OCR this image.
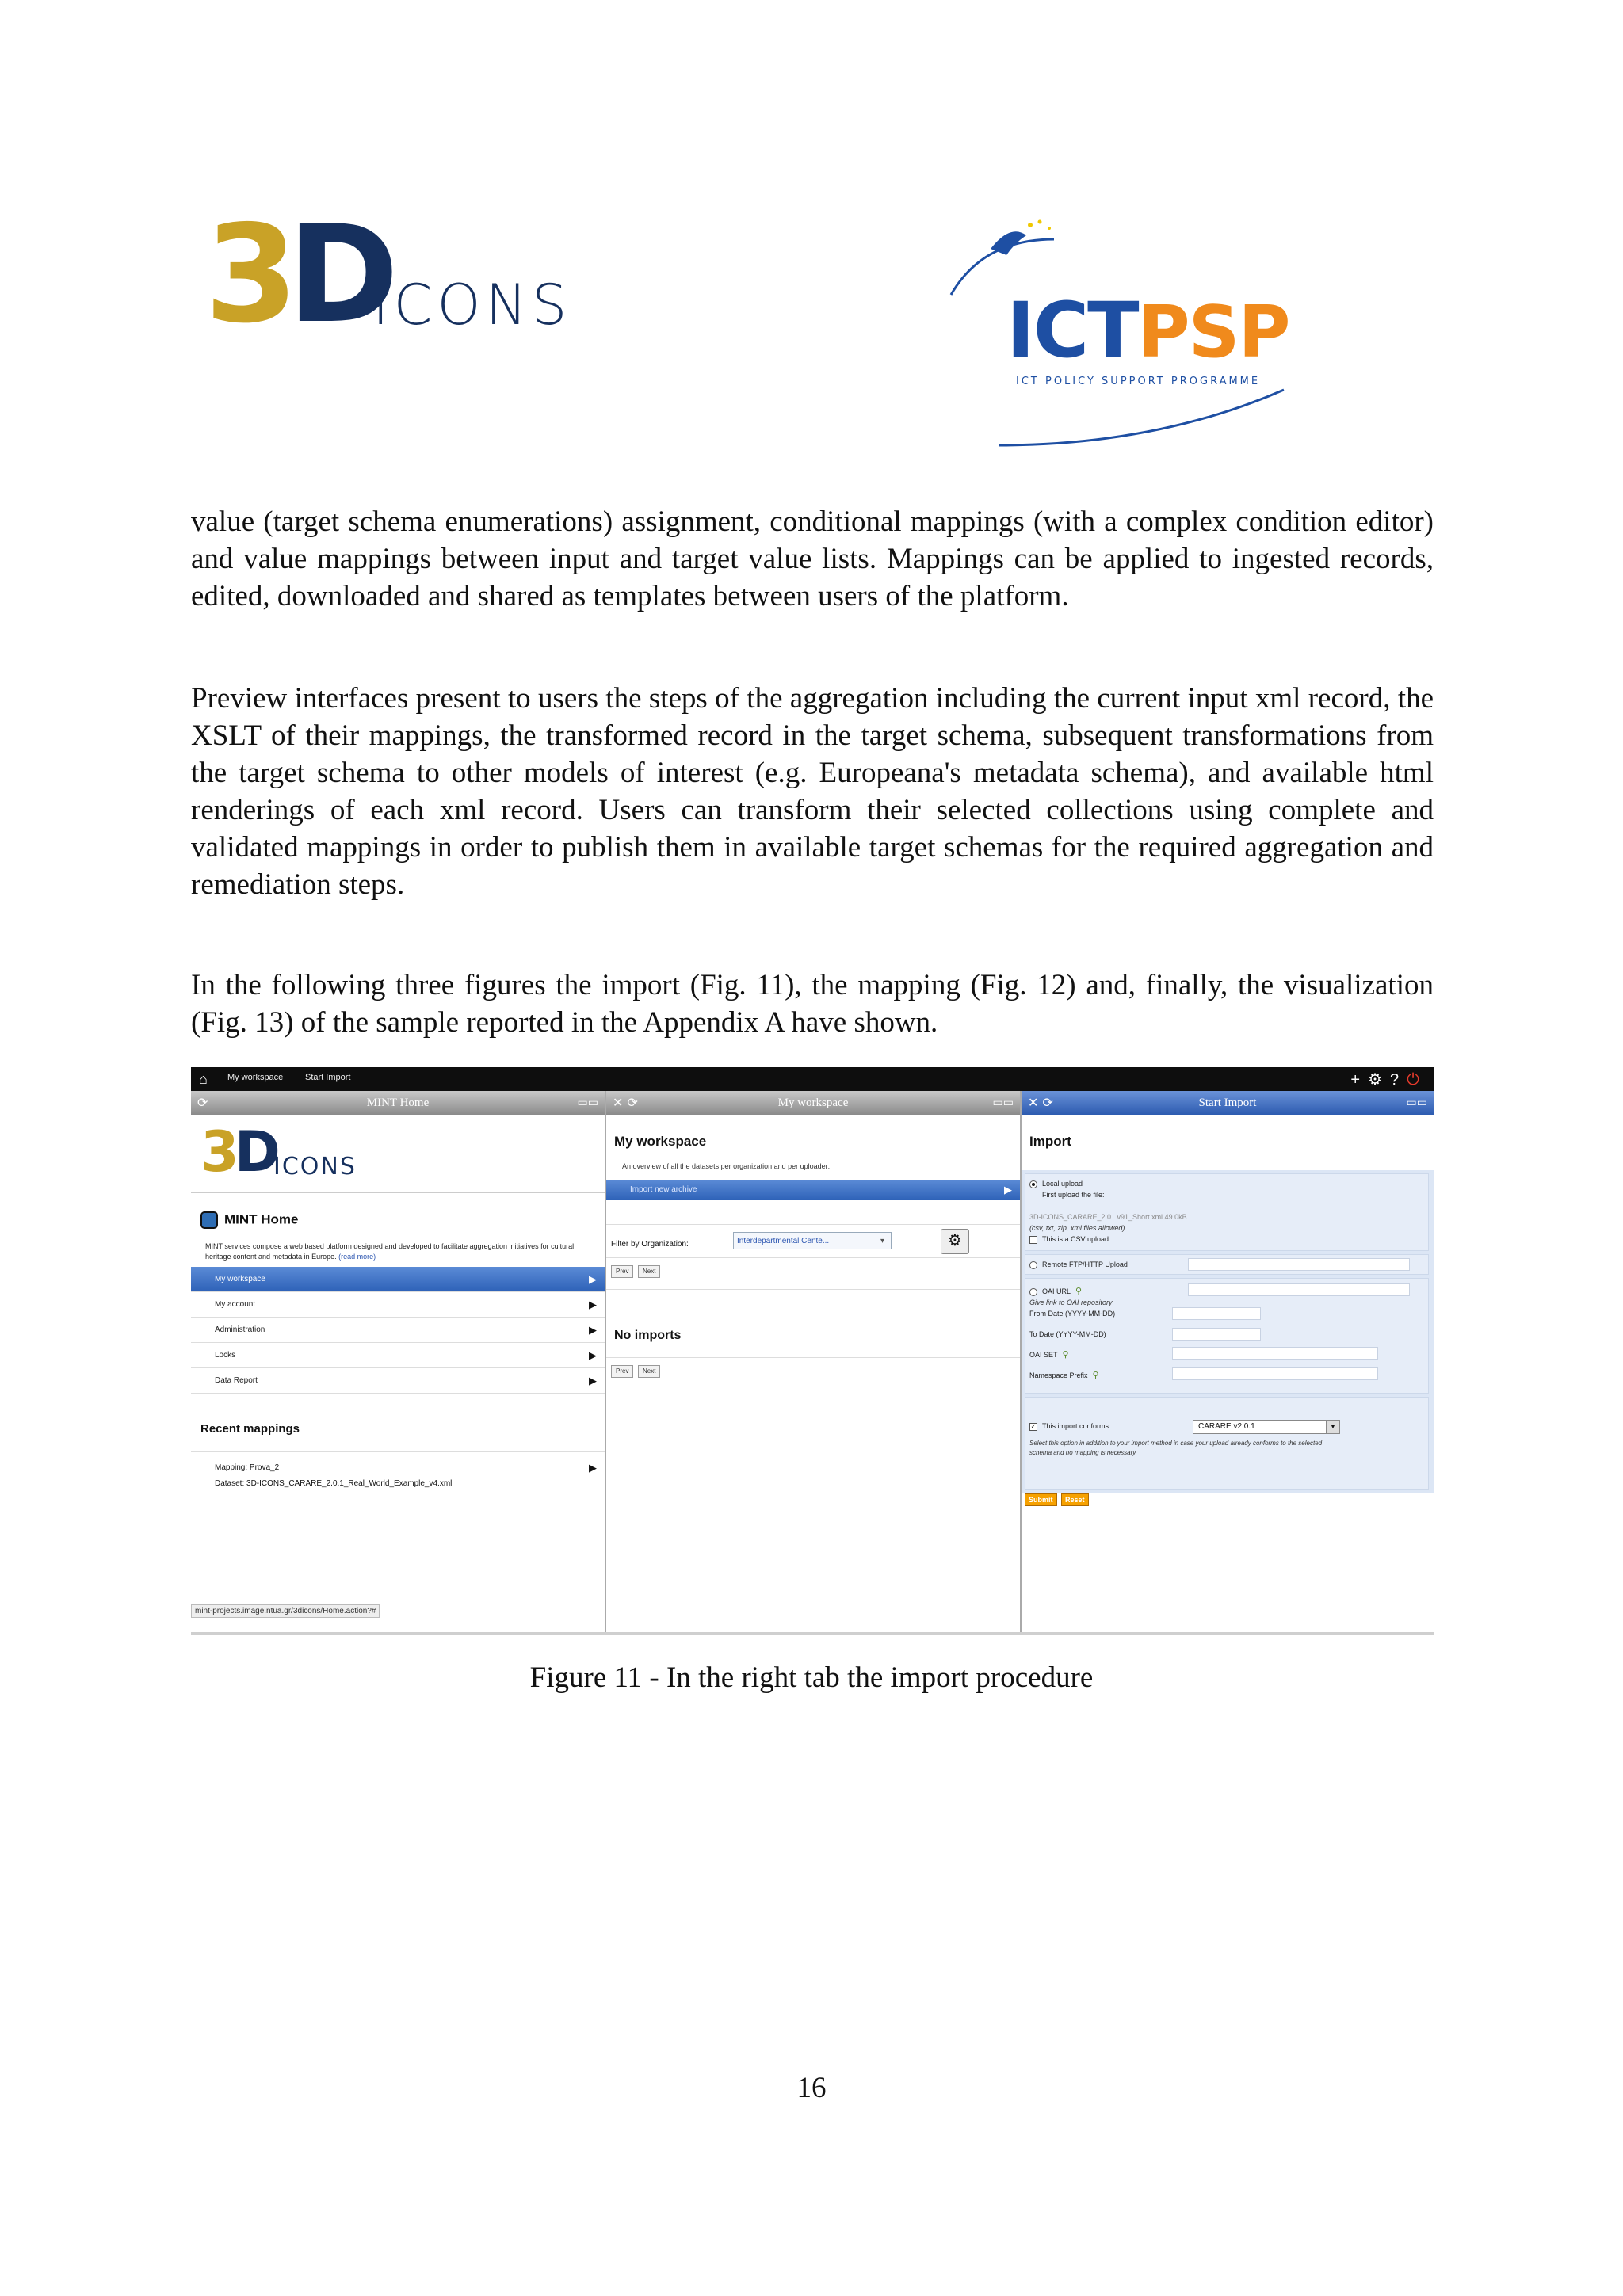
3D
ICONS	ICTPSP
ICT POLICY SUPPORT PROGRAMME

value (target schema enumerations) assignment, conditional mappings (with a complex condition editor) and value mappings between input and target value lists. Mappings can be applied to ingested records, edited, downloaded and shared as templates between users of the platform.

Preview interfaces present to users the steps of the aggregation including the current input xml record, the XSLT of their mappings, the transformed record in the target schema, subsequent transformations from the target schema to other models of interest (e.g. Europeana's metadata schema), and available html renderings of each xml record. Users can transform their selected collections using complete and validated mappings in order to publish them in available target schemas for the required aggregation and remediation steps.

In the following three figures the import (Fig. 11), the mapping (Fig. 12) and, finally, the visualization (Fig. 13) of the sample reported in the Appendix A have shown.

⌂ My workspace	Start Import	+⚙?⏻
⟳	MINT Home	▭▭
3D
ICONS
MINT Home
MINT services compose a web based platform designed and developed to facilitate aggregation initiatives for cultural heritage content and metadata in Europe. (read more)
My workspace	▶
My account	▶
Administration	▶
Locks	▶
Data Report	▶
Recent mappings
Mapping: Prova_2
Dataset: 3D-ICONS_CARARE_2.0.1_Real_World_Example_v4.xml
▶
mint-projects.image.ntua.gr/3dicons/Home.action?#
✕ ⟳	My workspace	▭▭
My workspace
An overview of all the datasets per organization and per uploader:
Import new archive	▶
Filter by Organization:	Interdepartmental Cente...	▾	⚙
Prev	Next
No imports
Prev	Next
✕ ⟳	Start Import	▭▭
Import
Local upload
First upload the file:
3D-ICONS_CARARE_2.0...v91_Short.xml 49.0kB
(csv, txt, zip, xml files allowed)
This is a CSV upload
Remote FTP/HTTP Upload
OAI URL ⚲
Give link to OAI repository
From Date (YYYY-MM-DD)
To Date (YYYY-MM-DD)
OAI SET ⚲
Namespace Prefix ⚲
✓ This import conforms:	CARARE v2.0.1	▼
Select this option in addition to your import method in case your upload already conforms to the selected
schema and no mapping is necessary.
Submit	Reset
Figure 11 - In the right tab the import procedure
16
